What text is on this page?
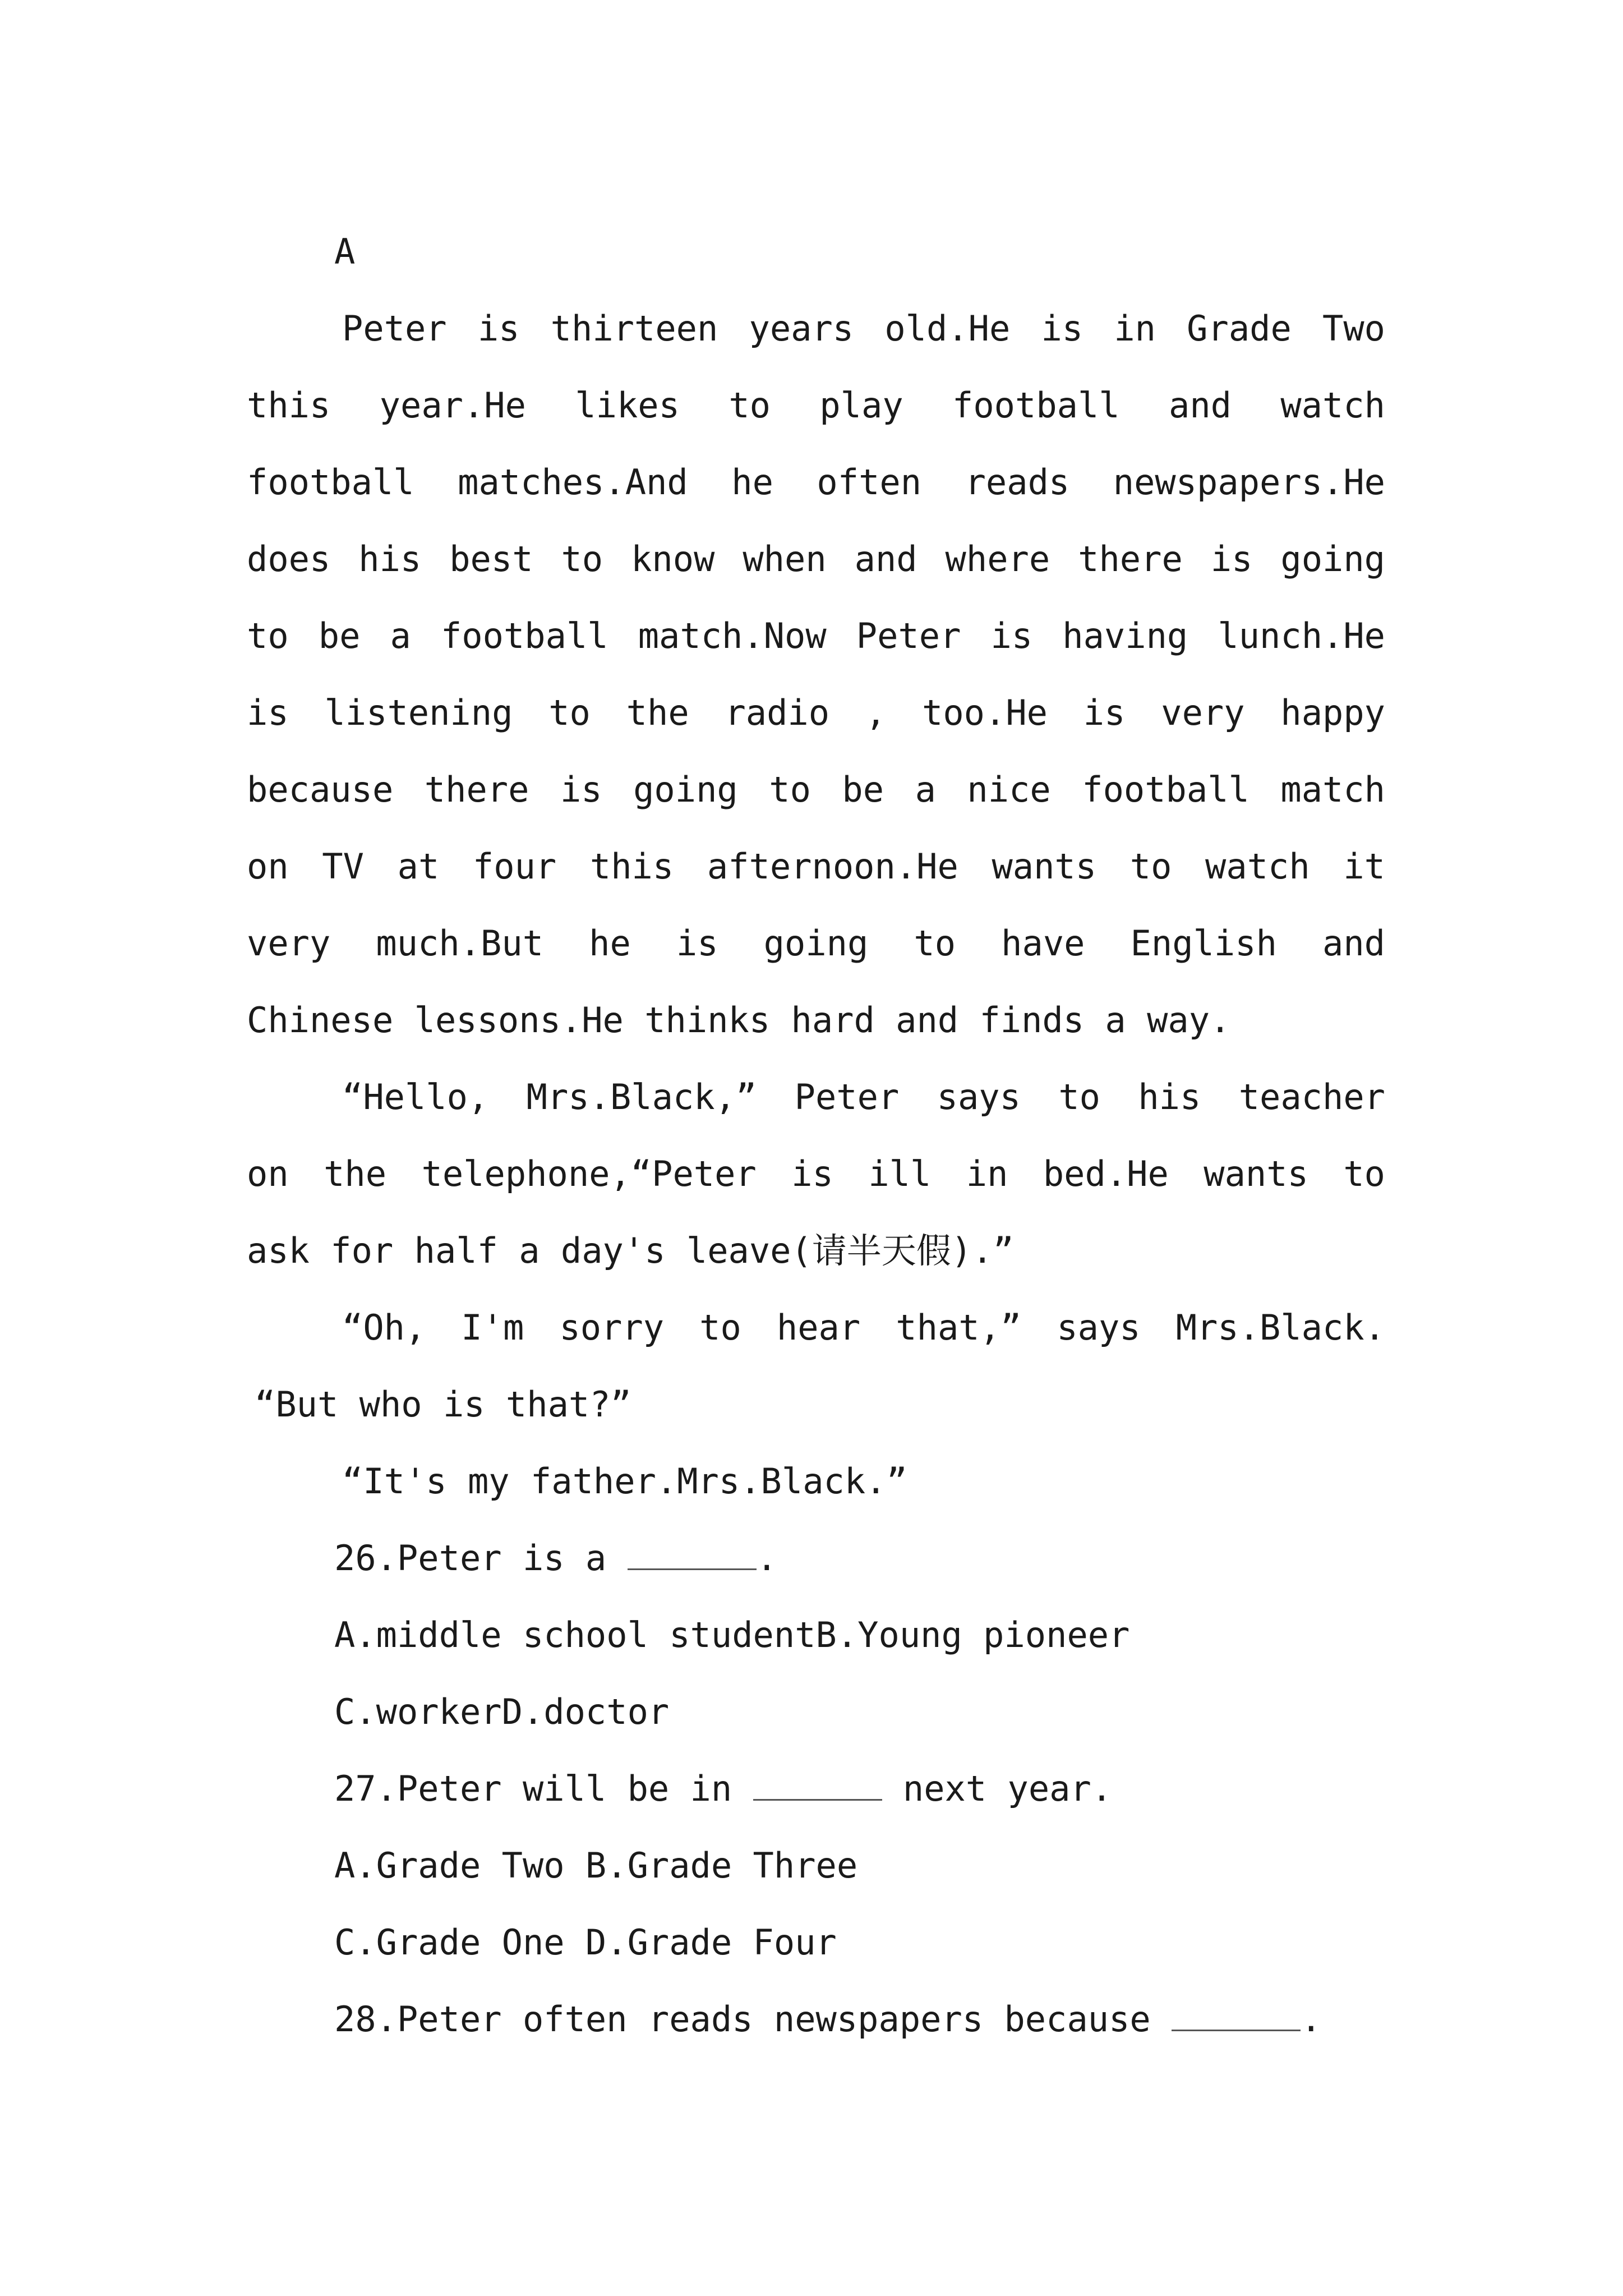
A
Peter is thirteen years old.He is in Grade Two
this year.He likes to play football and watch
football matches.And he often reads newspapers.He
does his best to know when and where there is going
to be a football match.Now Peter is having lunch.He
is listening to the radio , too.He is very happy
because there is going to be a nice football match
on TV at four this afternoon.He wants to watch it
very much.But he is going to have English and
Chinese lessons.He thinks hard and finds a way.
“Hello, Mrs.Black,” Peter says to his teacher
on the telephone,“Peter is ill in bed.He wants to
ask for half a day's leave(请半天假).”
“Oh, I'm sorry to hear that,” says Mrs.Black.
“But who is that?”
“It's my father.Mrs.Black.”
26.Peter is a	.
A.middle school studentB.Young pioneer
C.workerD.doctor
27.Peter will be in	next year.
A.Grade Two B.Grade Three
C.Grade One D.Grade Four
28.Peter often reads newspapers because	.
